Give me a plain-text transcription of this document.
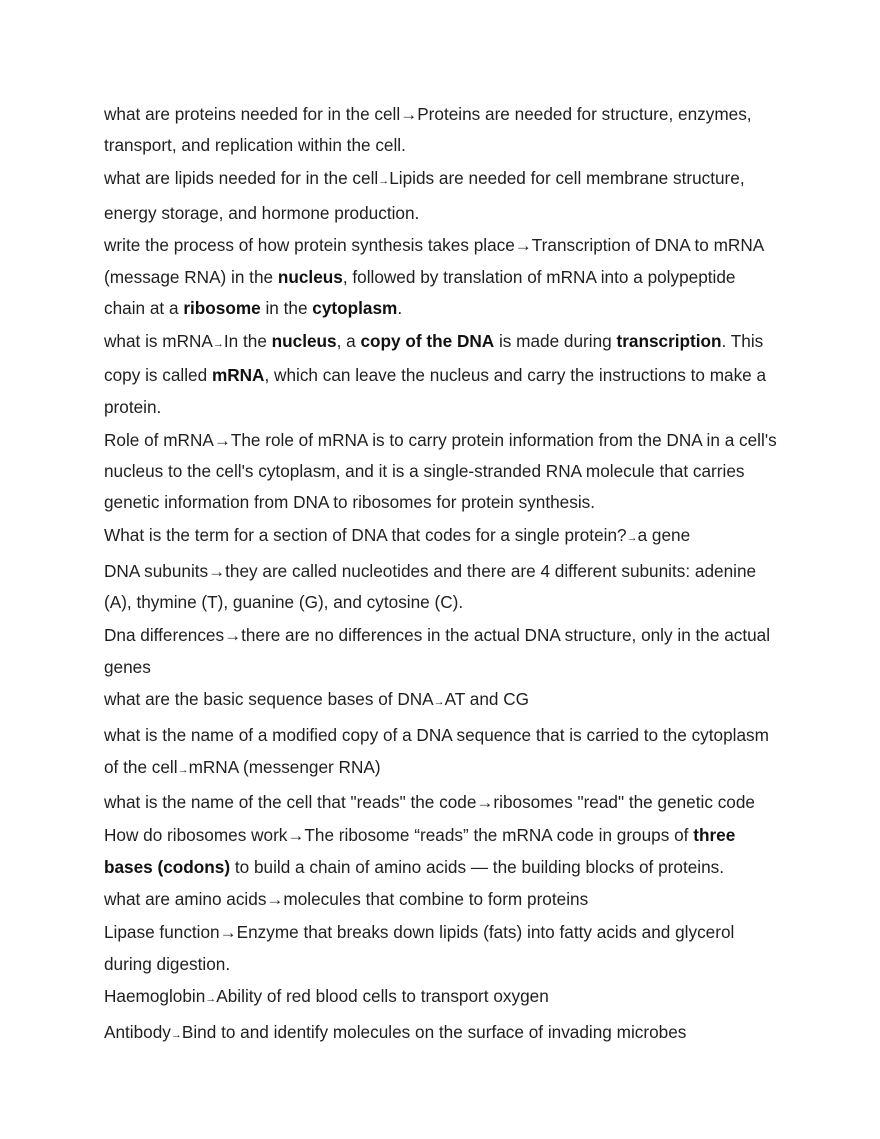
what are proteins needed for in the cell→Proteins are needed for structure, enzymes, transport, and replication within the cell.

what are lipids needed for in the cell→Lipids are needed for cell membrane structure, energy storage, and hormone production.

write the process of how protein synthesis takes place→Transcription of DNA to mRNA (message RNA) in the nucleus, followed by translation of mRNA into a polypeptide chain at a ribosome in the cytoplasm.

what is mRNA→In the nucleus, a copy of the DNA is made during transcription. This copy is called mRNA, which can leave the nucleus and carry the instructions to make a protein.

Role of mRNA→The role of mRNA is to carry protein information from the DNA in a cell's nucleus to the cell's cytoplasm, and it is a single-stranded RNA molecule that carries genetic information from DNA to ribosomes for protein synthesis.

What is the term for a section of DNA that codes for a single protein?→a gene

DNA subunits→they are called nucleotides and there are 4 different subunits: adenine (A), thymine (T), guanine (G), and cytosine (C).

Dna differences→there are no differences in the actual DNA structure, only in the actual genes

what are the basic sequence bases of DNA→AT and CG

what is the name of a modified copy of a DNA sequence that is carried to the cytoplasm of the cell→mRNA (messenger RNA)

what is the name of the cell that "reads" the code→ribosomes "read" the genetic code

How do ribosomes work→The ribosome “reads” the mRNA code in groups of three bases (codons) to build a chain of amino acids — the building blocks of proteins.

what are amino acids→molecules that combine to form proteins

Lipase function→Enzyme that breaks down lipids (fats) into fatty acids and glycerol during digestion.

Haemoglobin→Ability of red blood cells to transport oxygen

Antibody→Bind to and identify molecules on the surface of invading microbes
